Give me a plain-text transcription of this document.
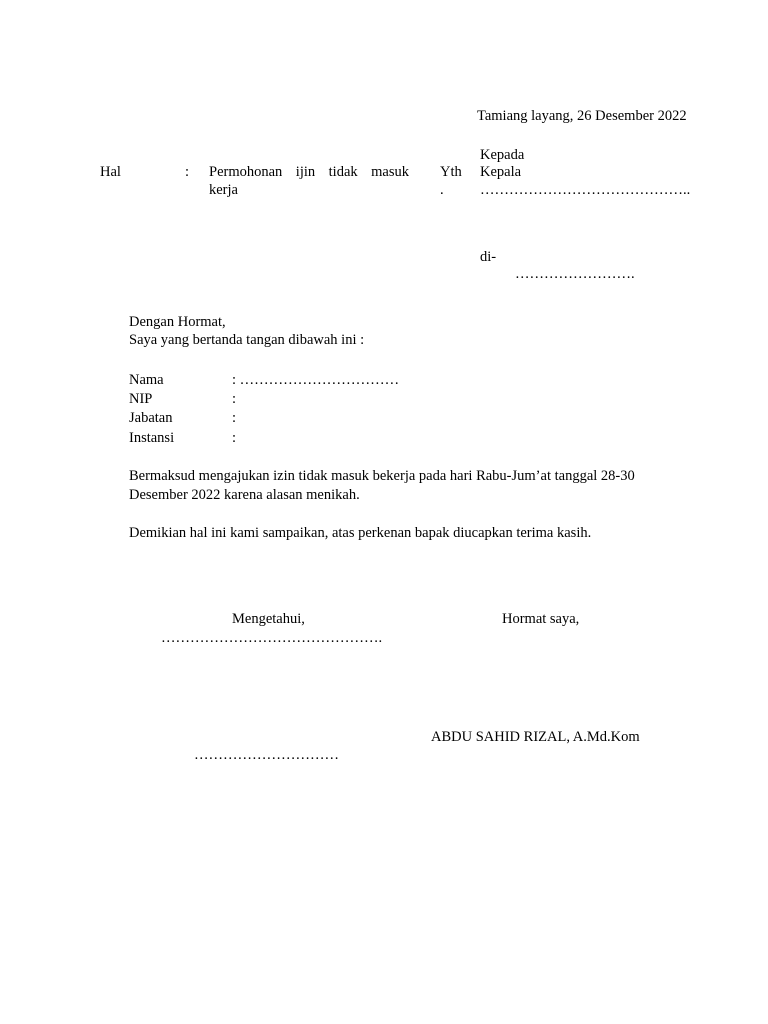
Tamiang layang, 26 Desember 2022
Hal	: Permohonan ijin tidak masuk
kerja
Yth
.
Kepada
Kepala
……………………………………..
di-
…………………….
Dengan Hormat,
Saya yang bertanda tangan dibawah ini :
Nama	: ……………………………
NIP	:
Jabatan	:
Instansi	:
Bermaksud mengajukan izin tidak masuk bekerja pada hari Rabu-Jum’at tanggal 28-30
Desember 2022 karena alasan menikah.
Demikian hal ini kami sampaikan, atas perkenan bapak diucapkan terima kasih.
Mengetahui,
……………………………………….
Hormat saya,
ABDU SAHID RIZAL, A.Md.Kom
…………………………
